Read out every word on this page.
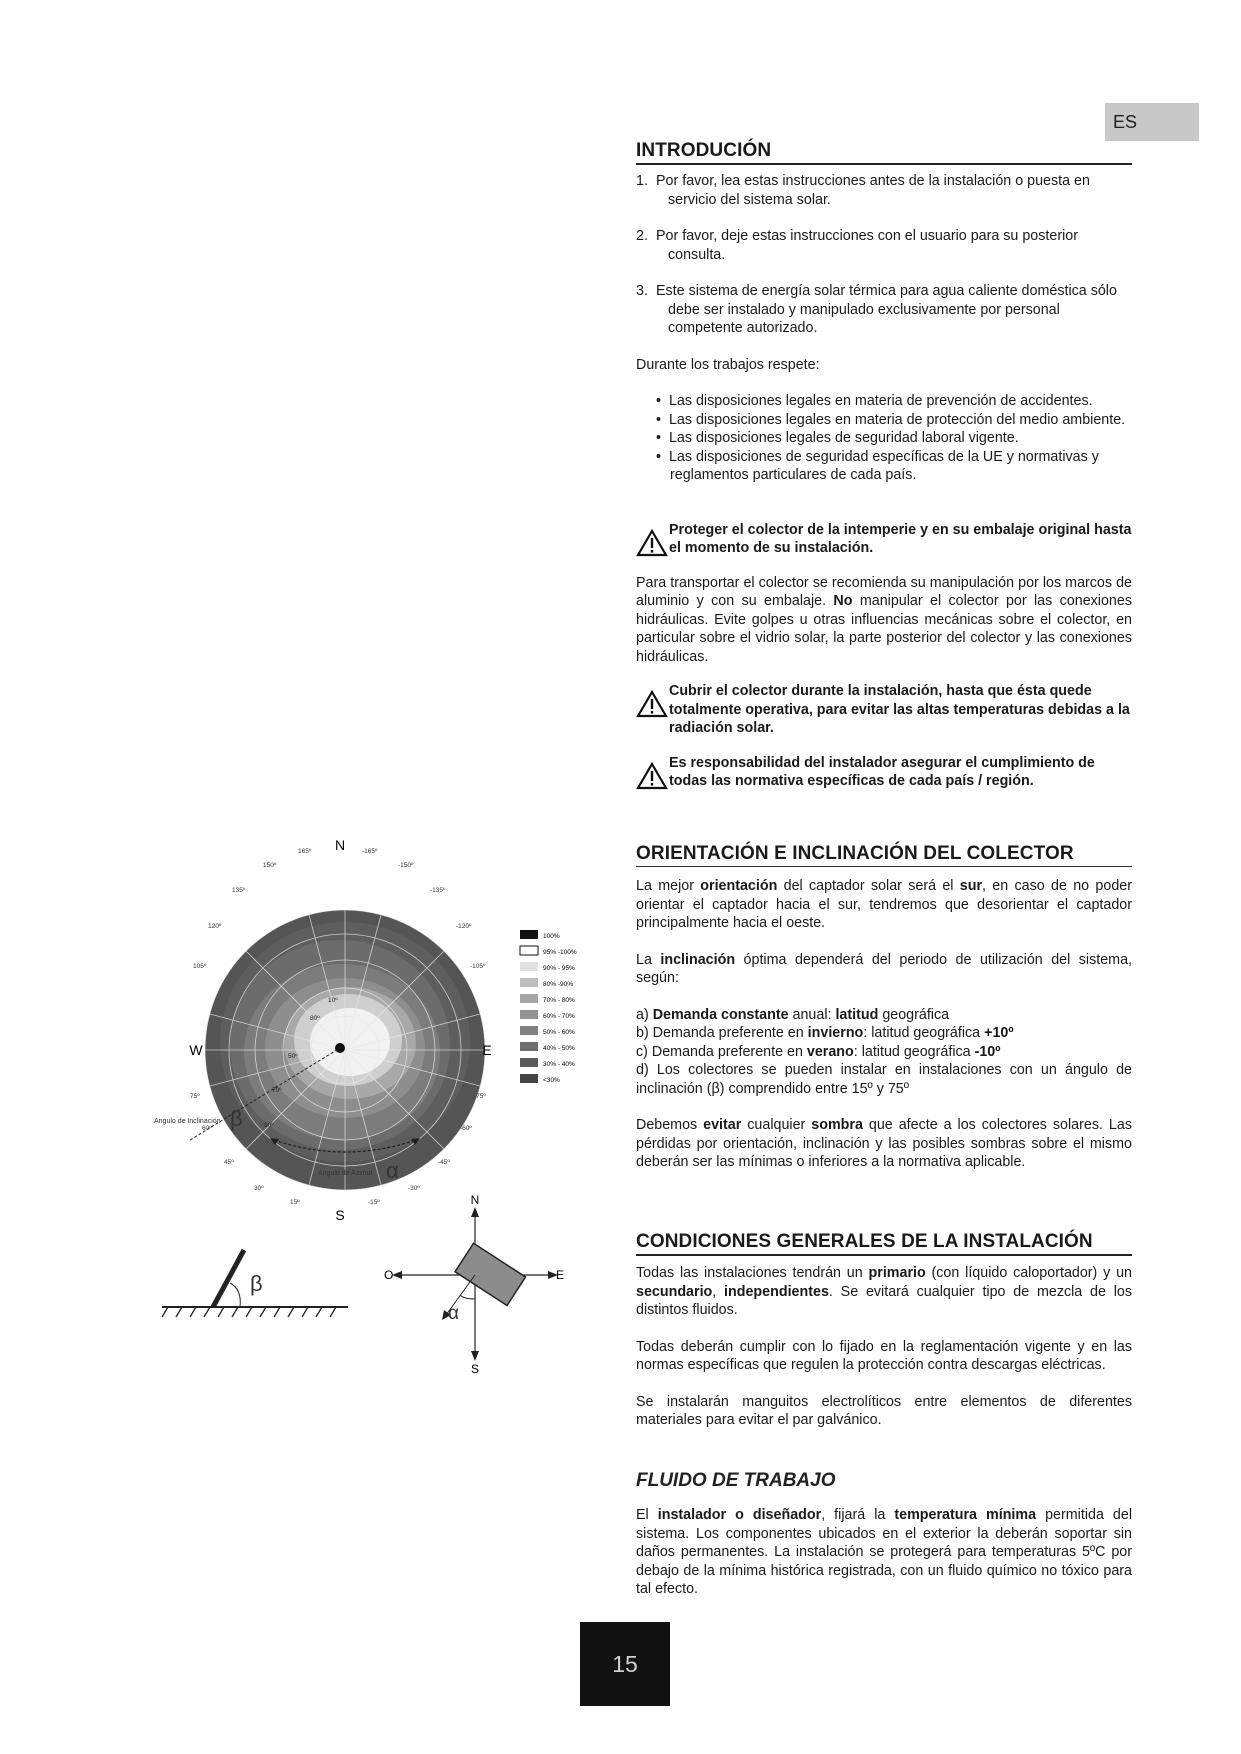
ES
INTRODUCIÓN

1. Por favor, lea estas instrucciones antes de la instalación o puesta en servicio del sistema solar.

2. Por favor, deje estas instrucciones con el usuario para su posterior consulta.

3. Este sistema de energía solar térmica para agua caliente doméstica sólo debe ser instalado y manipulado exclusivamente por personal competente autorizado.

Durante los trabajos respete:

•  Las disposiciones legales en materia de prevención de accidentes.

•  Las disposiciones legales en materia de protección del medio ambiente.

•  Las disposiciones legales de seguridad laboral vigente.

•  Las disposiciones de seguridad específicas de la UE y normativas y reglamentos particulares de cada país.

Proteger el colector de la intemperie y en su embalaje original hasta el momento de su instalación.

Para transportar el colector se recomienda su manipulación por los marcos de aluminio y con su embalaje. No manipular el colector por las conexiones hidráulicas. Evite golpes u otras influencias mecánicas sobre el colector, en particular sobre el vidrio solar, la parte posterior del colector y las conexiones hidráulicas.

Cubrir el colector durante la instalación, hasta que ésta quede totalmente operativa, para evitar las altas temperaturas debidas a la radiación solar.
Es responsabilidad del instalador asegurar el cumplimiento de todas las normativa específicas de cada país / región.
ORIENTACIÓN E INCLINACIÓN DEL COLECTOR

La mejor orientación del captador solar será el sur, en caso de no poder orientar el captador hacia el sur, tendremos que desorientar el captador principalmente hacia el oeste.

La inclinación óptima dependerá del periodo de utilización del sistema, según:

a) Demanda constante anual: latitud geográfica

b) Demanda preferente en invierno: latitud geográfica +10º

c) Demanda preferente en verano: latitud geográfica -10º

d) Los colectores se pueden instalar en instalaciones con un ángulo de inclinación (β) comprendido entre 15º y 75º

Debemos evitar cualquier sombra que afecte a los colectores solares. Las pérdidas por orientación, inclinación y las posibles sombras sobre el mismo deberán ser las mínimas o inferiores a la normativa aplicable.

CONDICIONES GENERALES DE LA INSTALACIÓN

Todas las instalaciones tendrán un primario (con líquido caloportador) y un secundario, independientes. Se evitará cualquier tipo de mezcla de los distintos fluidos.

Todas deberán cumplir con lo fijado en la reglamentación vigente y en las normas específicas que regulen la protección contra descargas eléctricas.

Se instalarán manguitos electrolíticos entre elementos de diferentes materiales para evitar el par galvánico.

FLUIDO DE TRABAJO

El instalador o diseñador, fijará la temperatura mínima permitida del sistema. Los componentes ubicados en el exterior la deberán soportar sin daños permanentes. La instalación se protegerá para temperaturas 5ºC por debajo de la mínima histórica registrada, con un fluido químico no tóxico para tal efecto.

N
S
W	E
165º
150º
135º
120º
105º
75º
60º
45º
30º
15º
-165º
-150º
-135º
-120º
-105º
-75º
-60º
-45º
-30º
-15º
10º
30º
50º
70º
80º
100%
95% -100%
90% - 95%
80% -90%
70% - 80%
60% - 70%
50% - 60%
40% - 50%
30% - 40%
<30%
Angulo de Inclinación β
Angulo de Azimut α
β
N
S
O	E
α
15
